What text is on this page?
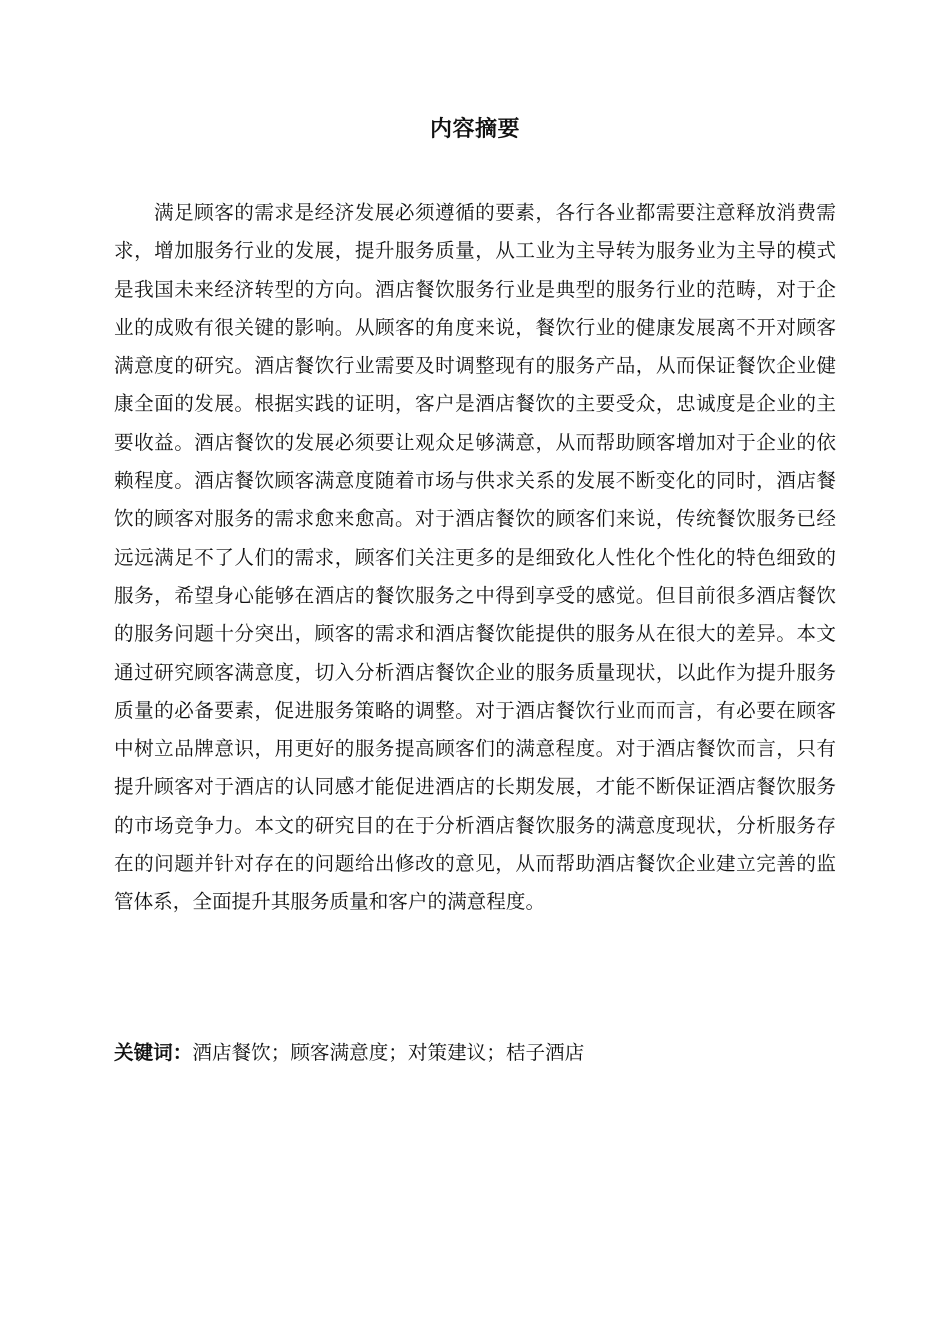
内容摘要

满足顾客的需求是经济发展必须遵循的要素，各行各业都需要注意释放消费需求，增加服务行业的发展，提升服务质量，从工业为主导转为服务业为主导的模式是我国未来经济转型的方向。酒店餐饮服务行业是典型的服务行业的范畴，对于企业的成败有很关键的影响。从顾客的角度来说，餐饮行业的健康发展离不开对顾客满意度的研究。酒店餐饮行业需要及时调整现有的服务产品，从而保证餐饮企业健康全面的发展。根据实践的证明，客户是酒店餐饮的主要受众，忠诚度是企业的主要收益。酒店餐饮的发展必须要让观众足够满意，从而帮助顾客增加对于企业的依赖程度。酒店餐饮顾客满意度随着市场与供求关系的发展不断变化的同时，酒店餐饮的顾客对服务的需求愈来愈高。对于酒店餐饮的顾客们来说，传统餐饮服务已经远远满足不了人们的需求，顾客们关注更多的是细致化人性化个性化的特色细致的服务，希望身心能够在酒店的餐饮服务之中得到享受的感觉。但目前很多酒店餐饮的服务问题十分突出，顾客的需求和酒店餐饮能提供的服务从在很大的差异。本文通过研究顾客满意度，切入分析酒店餐饮企业的服务质量现状，以此作为提升服务质量的必备要素，促进服务策略的调整。对于酒店餐饮行业而而言，有必要在顾客中树立品牌意识，用更好的服务提高顾客们的满意程度。对于酒店餐饮而言，只有提升顾客对于酒店的认同感才能促进酒店的长期发展，才能不断保证酒店餐饮服务的市场竞争力。本文的研究目的在于分析酒店餐饮服务的满意度现状，分析服务存在的问题并针对存在的问题给出修改的意见，从而帮助酒店餐饮企业建立完善的监管体系，全面提升其服务质量和客户的满意程度。

关键词：酒店餐饮；顾客满意度；对策建议；桔子酒店
